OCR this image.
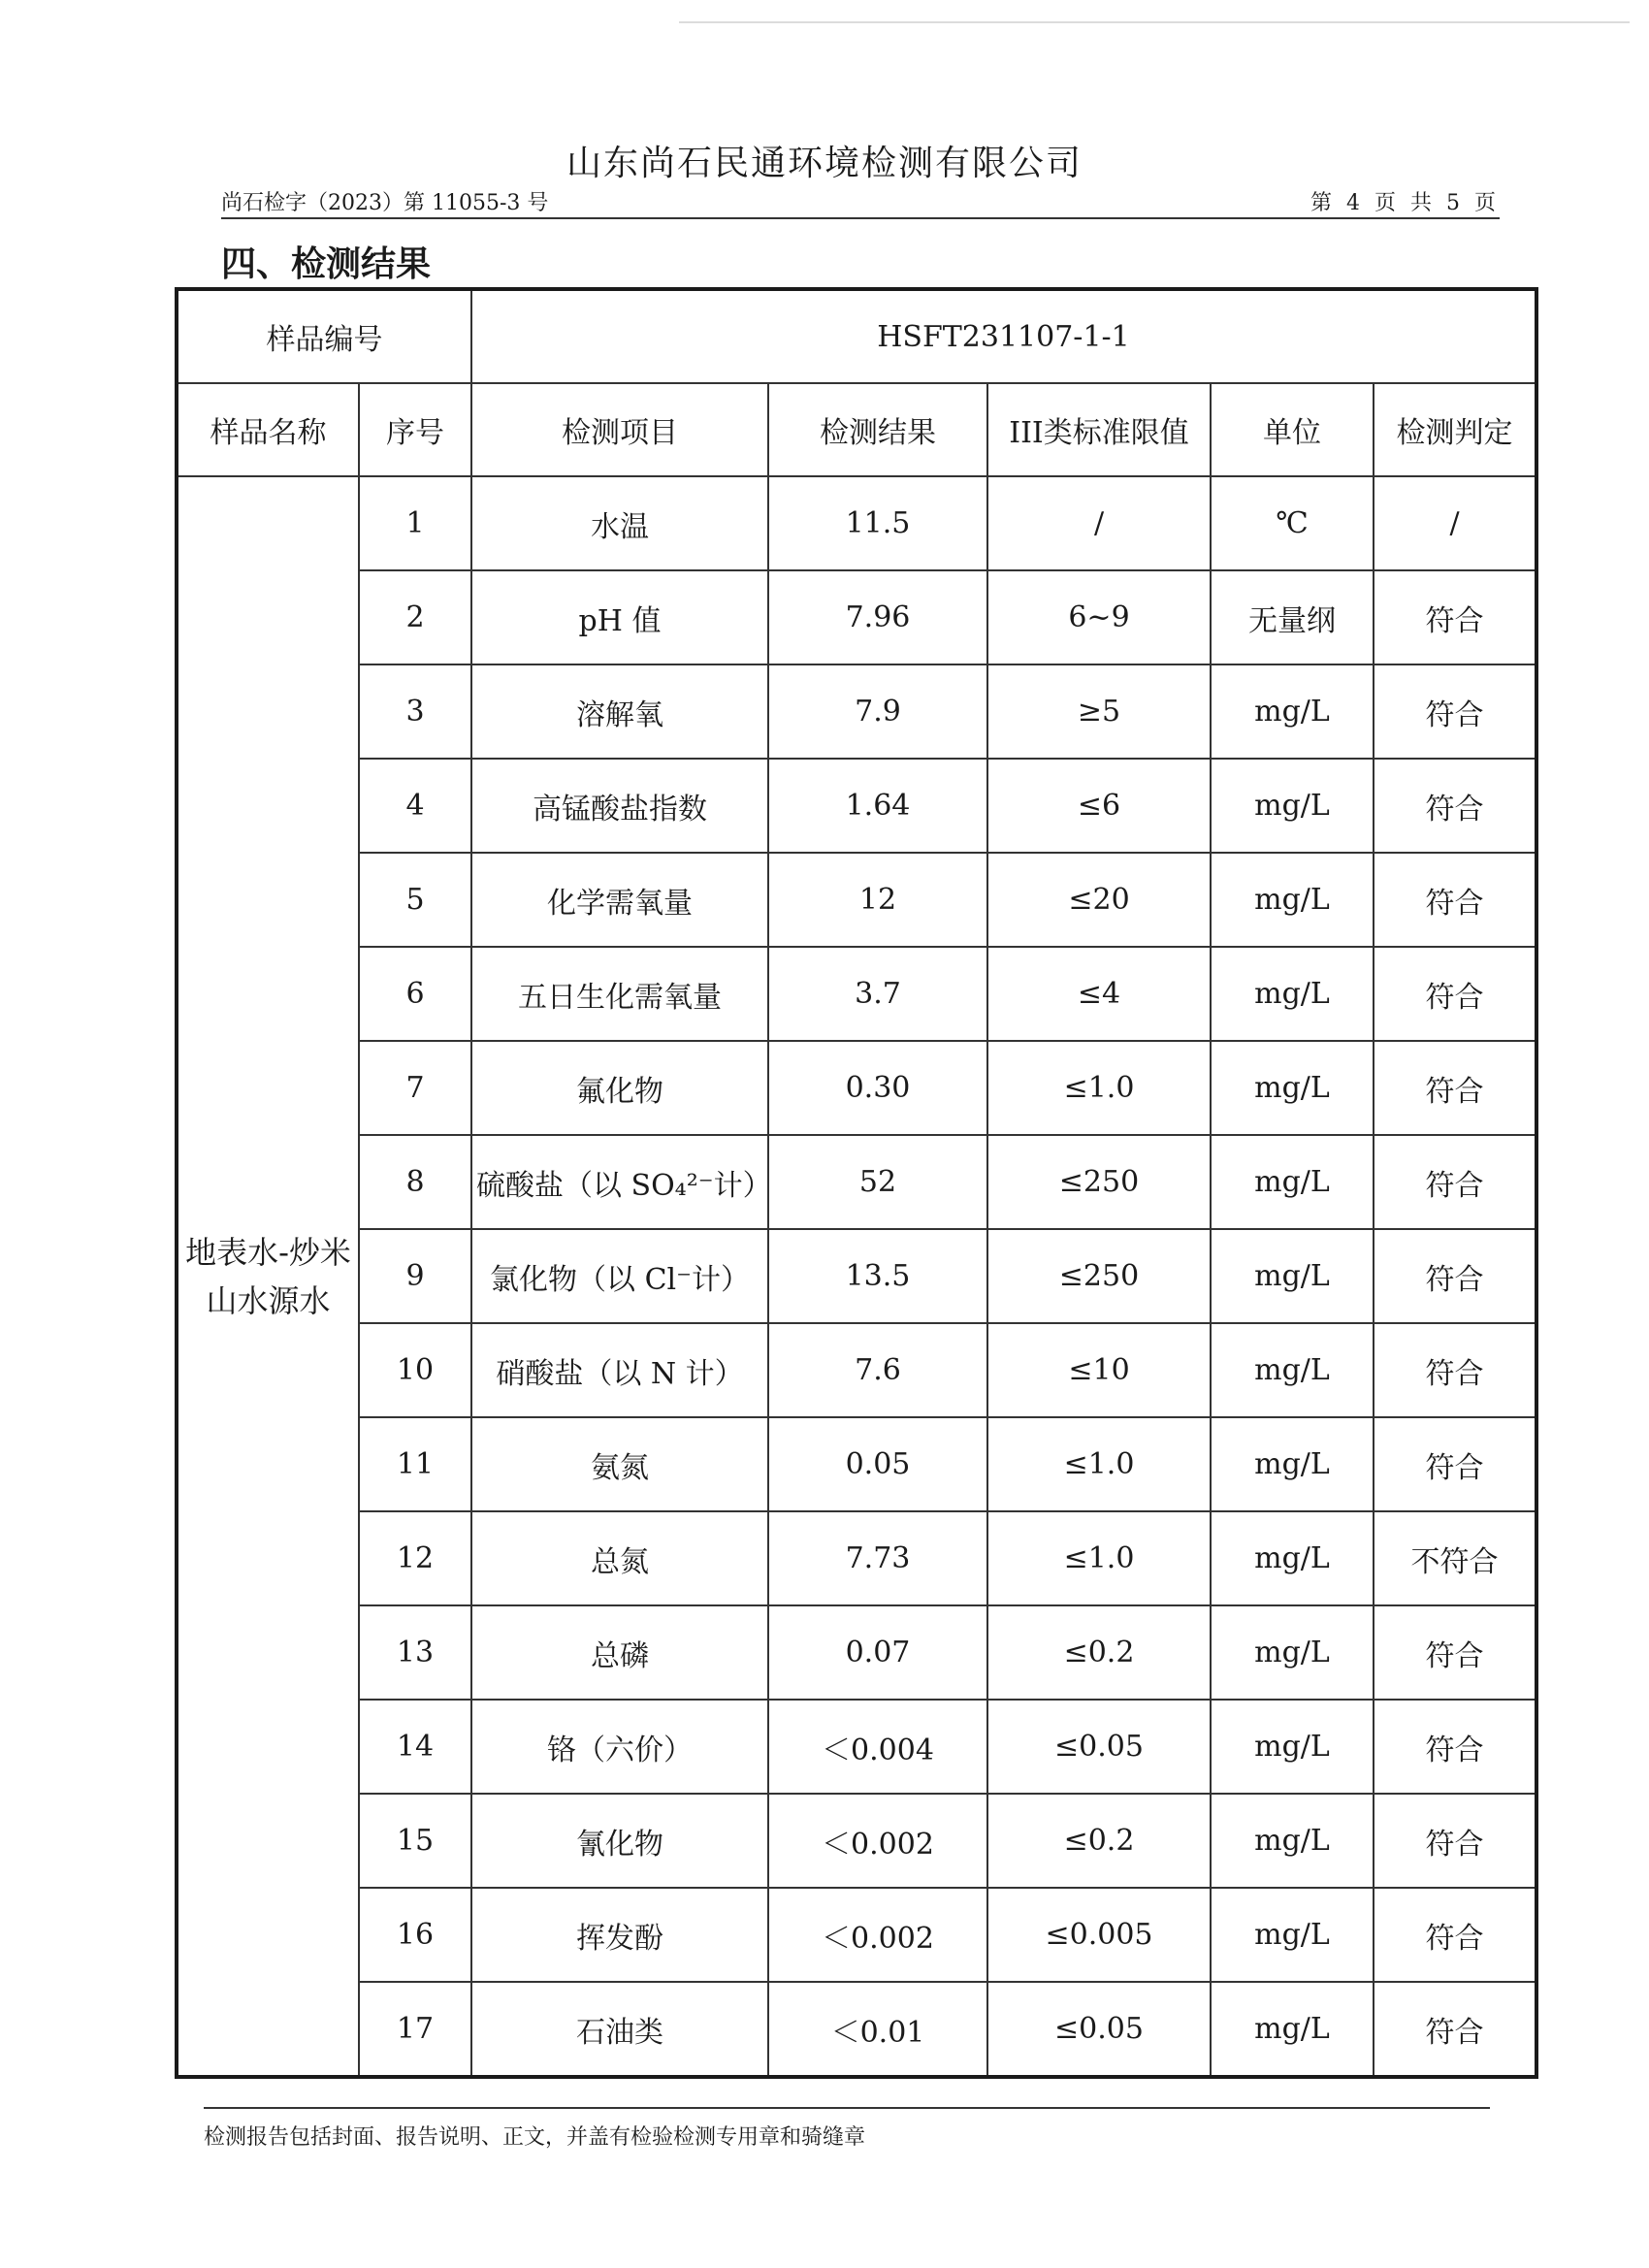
山东尚石民通环境检测有限公司
尚石检字（2023）第 11055-3 号	第 4 页 共 5 页
四、检测结果
样品编号		HSFT231107-1-1				
样品名称	序号	检测项目	检测结果	III类标准限值	单位	检测判定
地表水-炒米山水源水	1	水温	11.5	/	℃	/
	2	pH 值	7.96	6~9	无量纲	符合
	3	溶解氧	7.9	≥5	mg/L	符合
	4	高锰酸盐指数	1.64	≤6	mg/L	符合
	5	化学需氧量	12	≤20	mg/L	符合
	6	五日生化需氧量	3.7	≤4	mg/L	符合
	7	氟化物	0.30	≤1.0	mg/L	符合
	8	硫酸盐（以 SO₄²⁻计）	52	≤250	mg/L	符合
	9	氯化物（以 Cl⁻计）	13.5	≤250	mg/L	符合
	10	硝酸盐（以 N 计）	7.6	≤10	mg/L	符合
	11	氨氮	0.05	≤1.0	mg/L	符合
	12	总氮	7.73	≤1.0	mg/L	不符合
	13	总磷	0.07	≤0.2	mg/L	符合
	14	铬（六价）	＜0.004	≤0.05	mg/L	符合
	15	氰化物	＜0.002	≤0.2	mg/L	符合
	16	挥发酚	＜0.002	≤0.005	mg/L	符合
	17	石油类	＜0.01	≤0.05	mg/L	符合
检测报告包括封面、报告说明、正文，并盖有检验检测专用章和骑缝章
